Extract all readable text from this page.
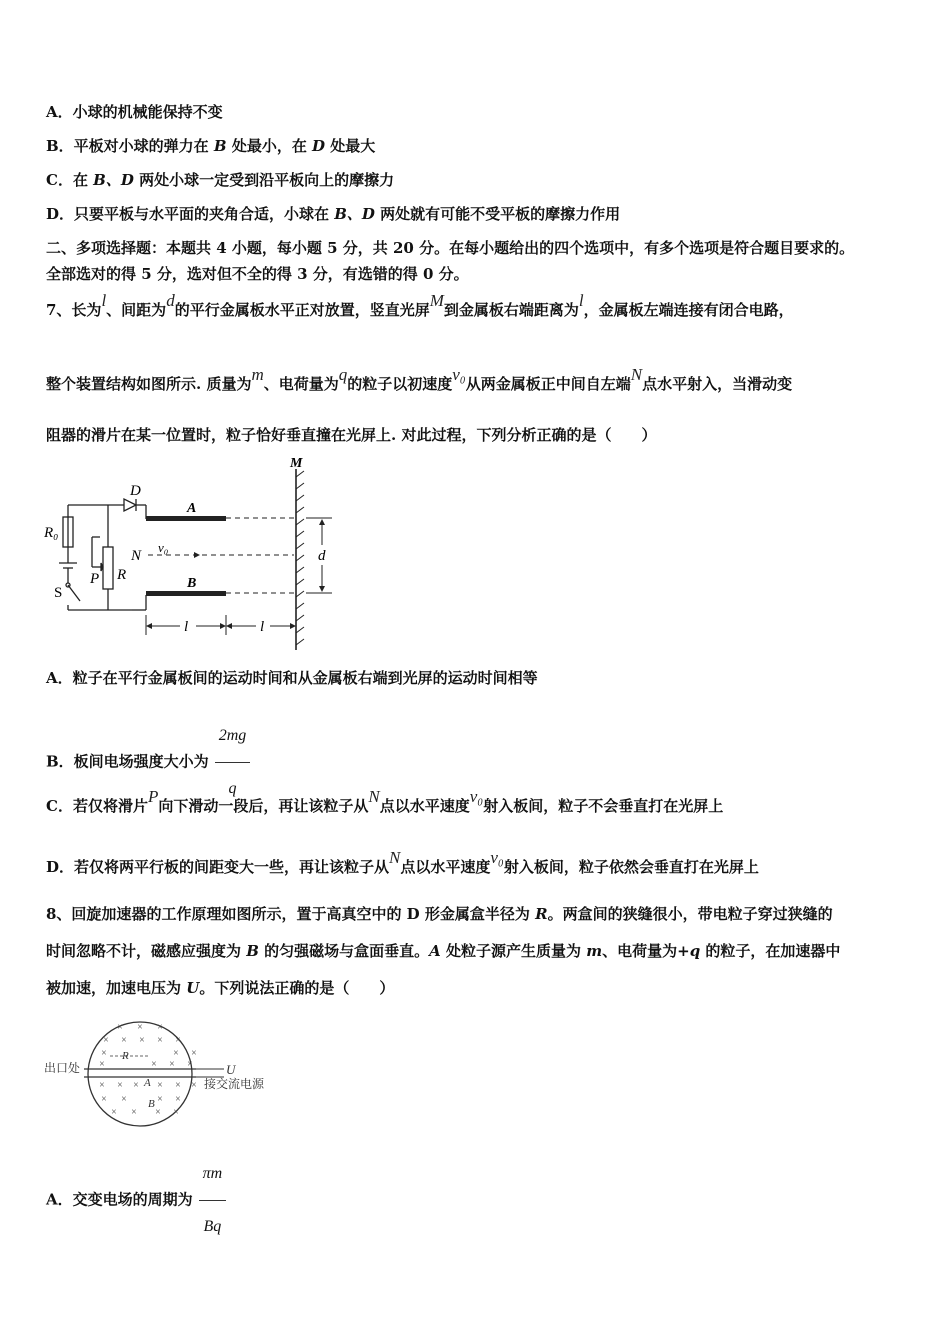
A．小球的机械能保持不变
B．平板对小球的弹力在 B 处最小，在 D 处最大
C．在 B、D 两处小球一定受到沿平板向上的摩擦力
D．只要平板与水平面的夹角合适，小球在 B、D 两处就有可能不受平板的摩擦力作用
二、多项选择题：本题共 4 小题，每小题 5 分，共 20 分。在每小题给出的四个选项中，有多个选项是符合题目要求的。
全部选对的得 5 分，选对但不全的得 3 分，有选错的得 0 分。
7、长为l、间距为d的平行金属板水平正对放置，竖直光屏M到金属板右端距离为l，金属板左端连接有闭合电路，
整个装置结构如图所示. 质量为m、电荷量为q的粒子以初速度v₀从两金属板正中间自左端N点水平射入，当滑动变
阻器的滑片在某一位置时，粒子恰好垂直撞在光屏上. 对此过程，下列分析正确的是（　　）
D
A
B
R₀
N
v₀
P R
S
M
d
l	l
A．粒子在平行金属板间的运动时间和从金属板右端到光屏的运动时间相等
B．板间电场强度大小为 $\frac{2mg}{q}$
C．若仅将滑片P向下滑动一段后，再让该粒子从N点以水平速度v₀射入板间，粒子不会垂直打在光屏上
D．若仅将两平行板的间距变大一些，再让该粒子从N点以水平速度v₀射入板间，粒子依然会垂直打在光屏上
8、回旋加速器的工作原理如图所示，置于高真空中的 D 形金属盒半径为 R。两盒间的狭缝很小，带电粒子穿过狭缝的
时间忽略不计，磁感应强度为 B 的匀强磁场与盒面垂直。A 处粒子源产生质量为 m、电荷量为+q 的粒子，在加速器中
被加速，加速电压为 U。下列说法正确的是（　　）
× × ×
× × × × ×
×	× ×
×	× × ×
× × × × × ×
× ×	× ×
× × × ×
出口处
R
A
B
U
接交流电源
A．交变电场的周期为 $\frac{\pi m}{Bq}$
